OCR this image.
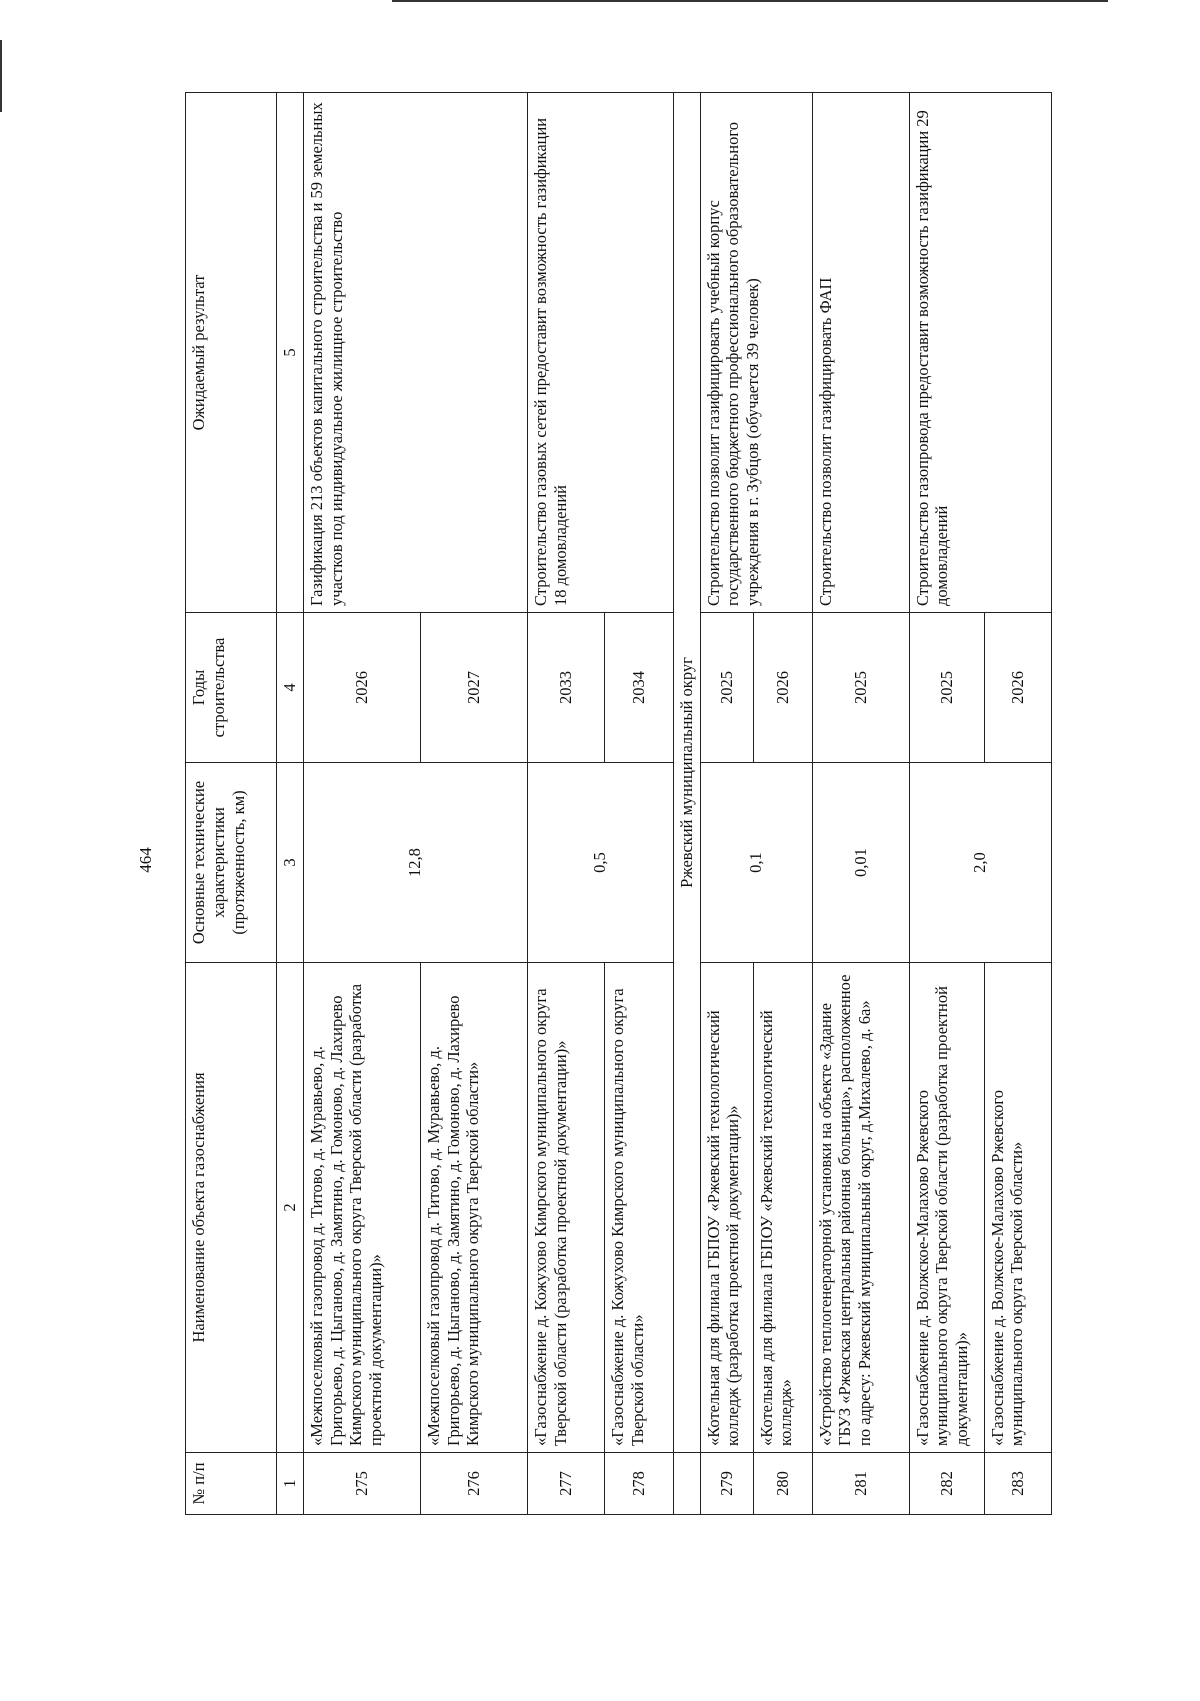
464
№ п/п	Наименование объекта газоснабжения	Основные технические характеристики (протяженность, км)	Годы строительства	Ожидаемый результат
1	2	3	4	5
275	«Межпоселковый газопровод д. Титово, д. Муравьево, д. Григорьево, д. Цыганово, д. Замятино, д. Гомоново, д. Лахирево Кимрского муниципального округа Тверской области (разработка проектной документации)»	12,8	2026	Газификация 213 объектов капитального строительства и 59 земельных участков под индивидуальное жилищное строительство
276	«Межпоселковый газопровод д. Титово, д. Муравьево, д. Григорьево, д. Цыганово, д. Замятино, д. Гомоново, д. Лахирево Кимрского муниципального округа Тверской области»		2027	
277	«Газоснабжение д. Кожухово Кимрского муниципального округа Тверской области (разработка проектной документации)»	0,5	2033	Строительство газовых сетей предоставит возможность газификации 18 домовладений
278	«Газоснабжение д. Кожухово Кимрского муниципального округа Тверской области»		2034	
	Ржевский муниципальный округ			
279	«Котельная для филиала ГБПОУ «Ржевский технологический колледж (разработка проектной документации)»	0,1	2025	Строительство позволит газифицировать учебный корпус государственного бюджетного профессионального образовательного учреждения в г. Зубцов (обучается 39 человек)
280	«Котельная для филиала ГБПОУ «Ржевский технологический колледж»		2026	
281	«Устройство теплогенераторной установки на объекте «Здание ГБУЗ «Ржевская центральная районная больница», расположенное по адресу: Ржевский муниципальный округ, д.Михалево, д. 6а»	0,01	2025	Строительство позволит газифицировать ФАП
282	«Газоснабжение д. Волжское-Малахово Ржевского муниципального округа Тверской области (разработка проектной документации)»	2,0	2025	Строительство газопровода предоставит возможность газификации 29 домовладений
283	«Газоснабжение д. Волжское-Малахово Ржевского муниципального округа Тверской области»		2026	
